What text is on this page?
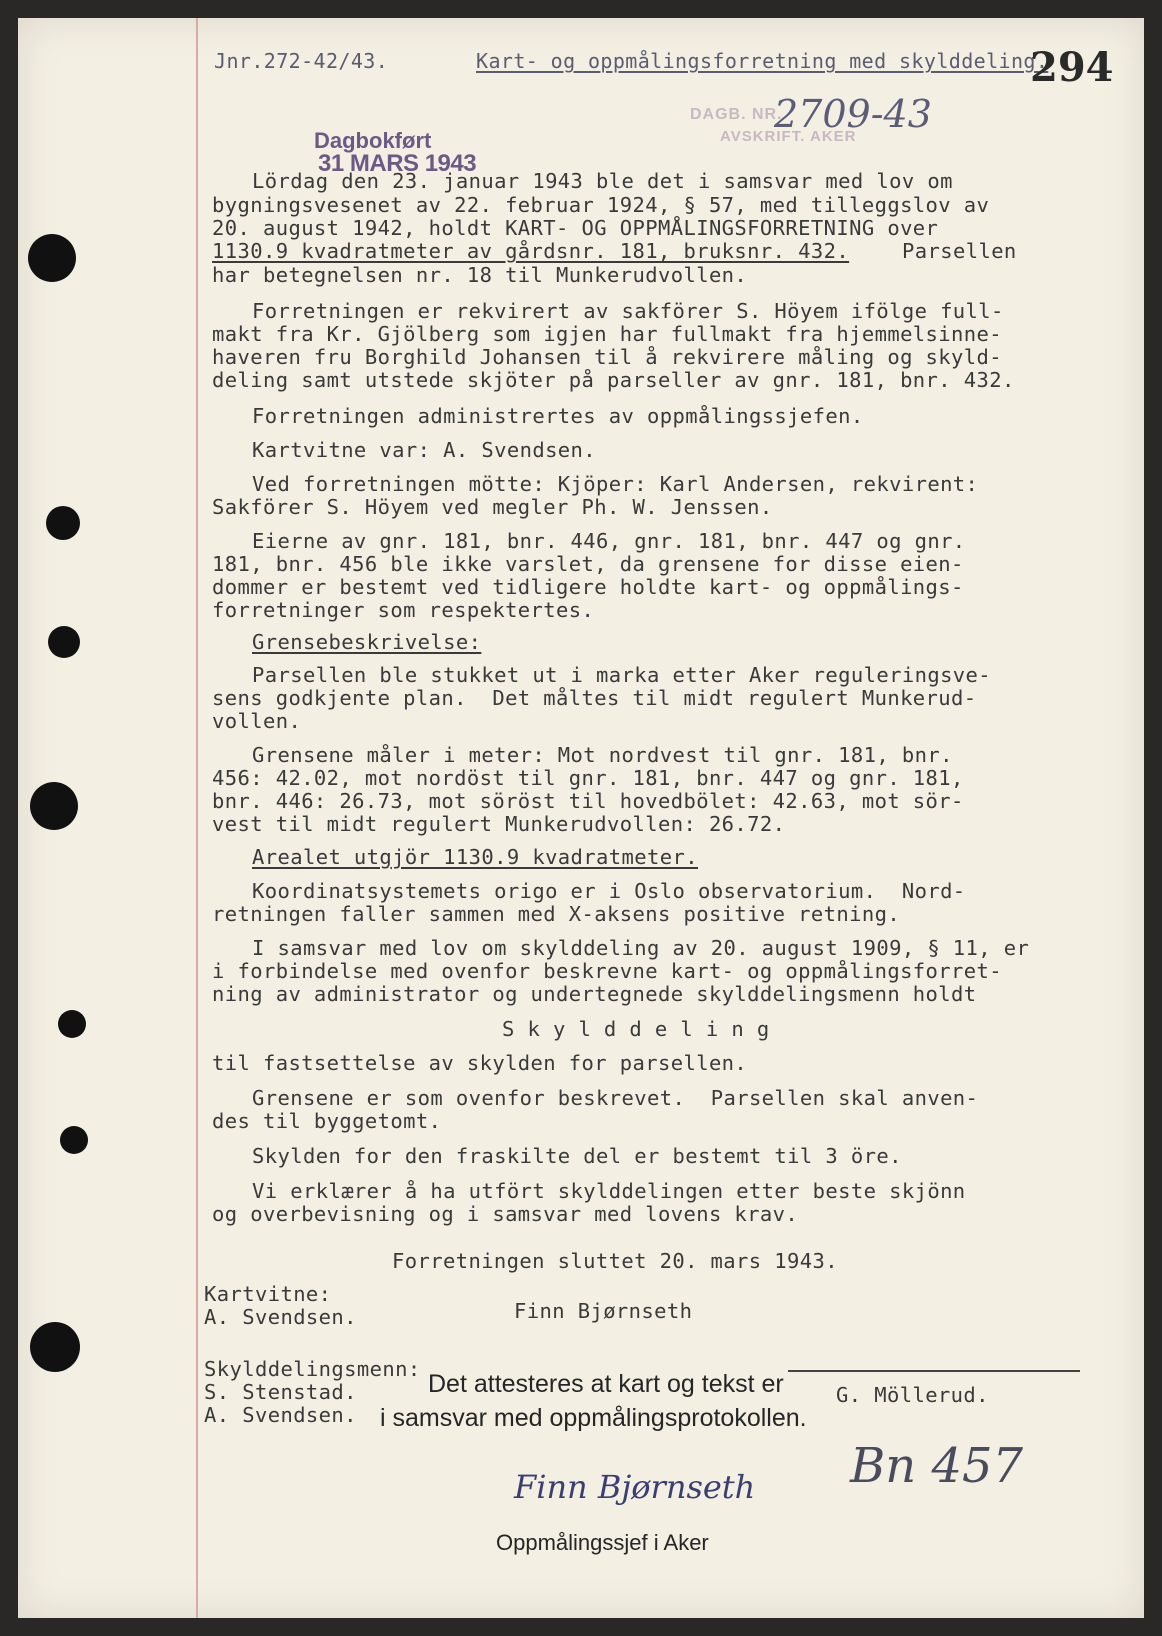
Jnr.272-42/43.	Kart- og oppmålingsforretning med skylddeling.
294
DAGB. NR.
2709-43
AVSKRIFT. AKER
Dagbokført
31 MARS 1943
Lördag den 23. januar 1943 ble det i samsvar med lov om
bygningsvesenet av 22. februar 1924, § 57, med tilleggslov av
20. august 1942, holdt KART- OG OPPMÅLINGSFORRETNING over
1130.9 kvadratmeter av gårdsnr. 181, bruksnr. 432.	Parsellen
har betegnelsen nr. 18 til Munkerudvollen.
Forretningen er rekvirert av sakförer S. Höyem ifölge full-
makt fra Kr. Gjölberg som igjen har fullmakt fra hjemmelsinne-
haveren fru Borghild Johansen til å rekvirere måling og skyld-
deling samt utstede skjöter på parseller av gnr. 181, bnr. 432.
Forretningen administrertes av oppmålingssjefen.
Kartvitne var: A. Svendsen.
Ved forretningen mötte: Kjöper: Karl Andersen, rekvirent:
Sakförer S. Höyem ved megler Ph. W. Jenssen.
Eierne av gnr. 181, bnr. 446, gnr. 181, bnr. 447 og gnr.
181, bnr. 456 ble ikke varslet, da grensene for disse eien-
dommer er bestemt ved tidligere holdte kart- og oppmålings-
forretninger som respektertes.
Grensebeskrivelse:
Parsellen ble stukket ut i marka etter Aker reguleringsve-
sens godkjente plan.  Det måltes til midt regulert Munkerud-
vollen.
Grensene måler i meter: Mot nordvest til gnr. 181, bnr.
456: 42.02, mot nordöst til gnr. 181, bnr. 447 og gnr. 181,
bnr. 446: 26.73, mot söröst til hovedbölet: 42.63, mot sör-
vest til midt regulert Munkerudvollen: 26.72.
Arealet utgjör 1130.9 kvadratmeter.
Koordinatsystemets origo er i Oslo observatorium.  Nord-
retningen faller sammen med X-aksens positive retning.
I samsvar med lov om skylddeling av 20. august 1909, § 11, er
i forbindelse med ovenfor beskrevne kart- og oppmålingsforret-
ning av administrator og undertegnede skylddelingsmenn holdt
S k y l d d e l i n g
til fastsettelse av skylden for parsellen.
Grensene er som ovenfor beskrevet.  Parsellen skal anven-
des til byggetomt.
Skylden for den fraskilte del er bestemt til 3 öre.
Vi erklærer å ha utfört skylddelingen etter beste skjönn
og overbevisning og i samsvar med lovens krav.
Forretningen sluttet 20. mars 1943.
Kartvitne:
A. Svendsen.	Finn Bjørnseth
Skylddelingsmenn:
S. Stenstad.
A. Svendsen.
G. Möllerud.
Det attesteres at kart og tekst er
i samsvar med oppmålingsprotokollen.
Finn Bjørnseth
Oppmålingssjef i Aker
Bn 457
